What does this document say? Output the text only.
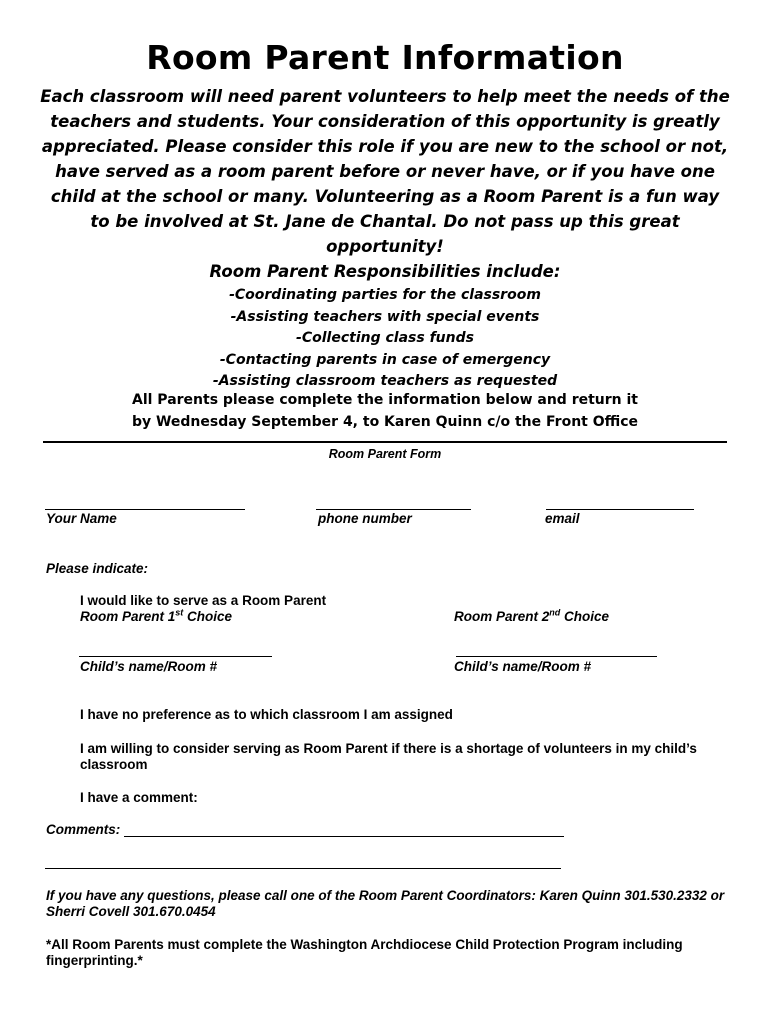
Room Parent Information

Each classroom will need parent volunteers to help meet the needs of the teachers and students. Your consideration of this opportunity is greatly appreciated. Please consider this role if you are new to the school or not, have served as a room parent before or never have, or if you have one child at the school or many. Volunteering as a Room Parent is a fun way to be involved at St. Jane de Chantal. Do not pass up this great opportunity!

Room Parent Responsibilities include:

-Coordinating parties for the classroom
-Assisting teachers with special events
-Collecting class funds
-Contacting parents in case of emergency
-Assisting classroom teachers as requested

All Parents please complete the information below and return it

by Wednesday September 4, to Karen Quinn c/o the Front Office

Room Parent Form
Your Name	phone number	email
Please indicate:
I would like to serve as a Room Parent
Room Parent 1st Choice	Room Parent 2nd Choice
Child’s name/Room #	Child’s name/Room #
I have no preference as to which classroom I am assigned
I am willing to consider serving as Room Parent if there is a shortage of volunteers in my child’s classroom
I have a comment:
Comments:
If you have any questions, please call one of the Room Parent Coordinators: Karen Quinn 301.530.2332 or Sherri Covell 301.670.0454
*All Room Parents must complete the Washington Archdiocese Child Protection Program including fingerprinting.*
